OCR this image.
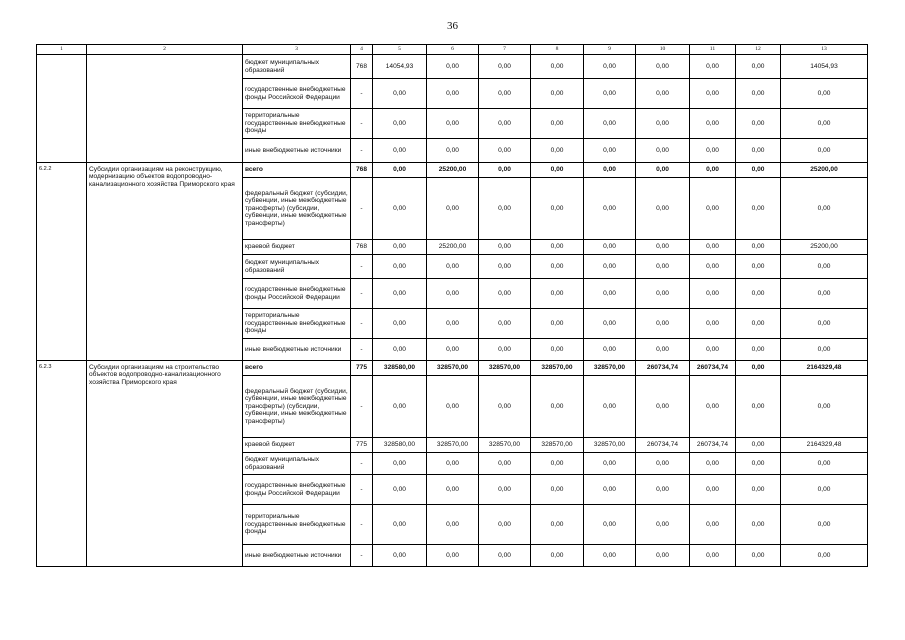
36
1	2	3	4	5	6	7	8	9	10	11	12	13
		бюджет муниципальных образований	768	14054,93	0,00	0,00	0,00	0,00	0,00	0,00	0,00	14054,93
		государственные внебюджетные фонды Российской Федерации	-	0,00	0,00	0,00	0,00	0,00	0,00	0,00	0,00	0,00
		территориальные государственные внебюджетные фонды	-	0,00	0,00	0,00	0,00	0,00	0,00	0,00	0,00	0,00
		иные внебюджетные источники	-	0,00	0,00	0,00	0,00	0,00	0,00	0,00	0,00	0,00
6.2.2	Субсидии организациям на реконструкцию, модернизацию объектов водопроводно-канализационного хозяйства Приморского края	всего	768	0,00	25200,00	0,00	0,00	0,00	0,00	0,00	0,00	25200,00
		федеральный бюджет (субсидии, субвенции, иные межбюджетные трансферты) (субсидии, субвенции, иные межбюджетные трансферты)	-	0,00	0,00	0,00	0,00	0,00	0,00	0,00	0,00	0,00
		краевой бюджет	768	0,00	25200,00	0,00	0,00	0,00	0,00	0,00	0,00	25200,00
		бюджет муниципальных образований	-	0,00	0,00	0,00	0,00	0,00	0,00	0,00	0,00	0,00
		государственные внебюджетные фонды Российской Федерации	-	0,00	0,00	0,00	0,00	0,00	0,00	0,00	0,00	0,00
		территориальные государственные внебюджетные фонды	-	0,00	0,00	0,00	0,00	0,00	0,00	0,00	0,00	0,00
		иные внебюджетные источники	-	0,00	0,00	0,00	0,00	0,00	0,00	0,00	0,00	0,00
6.2.3	Субсидии организациям на строительство объектов водопроводно-канализационного хозяйства Приморского края	всего	775	328580,00	328570,00	328570,00	328570,00	328570,00	260734,74	260734,74	0,00	2164329,48
		федеральный бюджет (субсидии, субвенции, иные межбюджетные трансферты) (субсидии, субвенции, иные межбюджетные трансферты)	-	0,00	0,00	0,00	0,00	0,00	0,00	0,00	0,00	0,00
		краевой бюджет	775	328580,00	328570,00	328570,00	328570,00	328570,00	260734,74	260734,74	0,00	2164329,48
		бюджет муниципальных образований	-	0,00	0,00	0,00	0,00	0,00	0,00	0,00	0,00	0,00
		государственные внебюджетные фонды Российской Федерации	-	0,00	0,00	0,00	0,00	0,00	0,00	0,00	0,00	0,00
		территориальные государственные внебюджетные фонды	-	0,00	0,00	0,00	0,00	0,00	0,00	0,00	0,00	0,00
		иные внебюджетные источники	-	0,00	0,00	0,00	0,00	0,00	0,00	0,00	0,00	0,00
